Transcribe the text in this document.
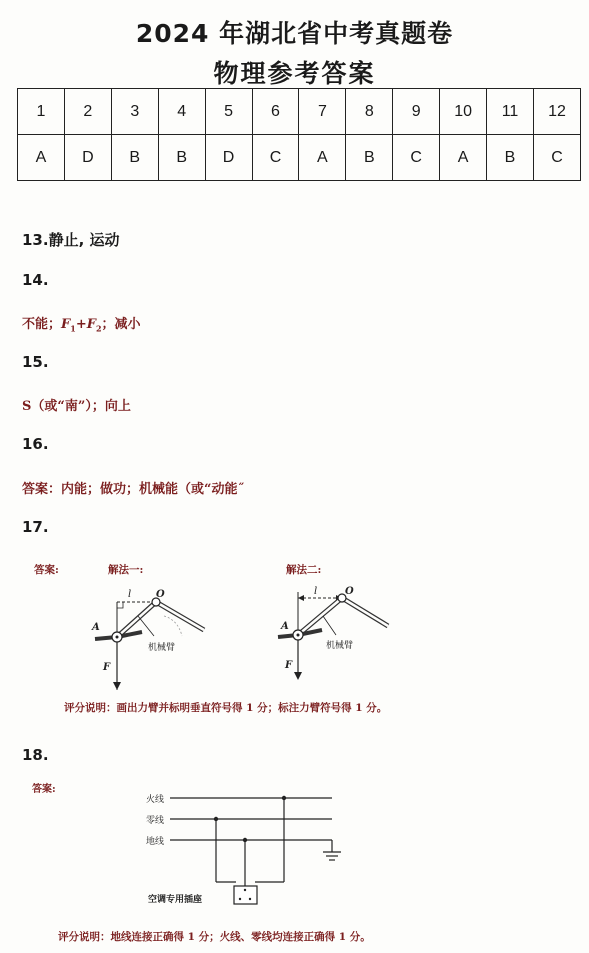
2024 年湖北省中考真题卷
物理参考答案
1	2	3	4	5	6	7	8	9	10	11	12
A	D	B	B	D	C	A	B	C	A	B	C
13.静止, 运动
14.
不能；$F_1+F_2$；减小
15.
S（或“南”）；向上
16.
答案：内能；做功；机械能（或“动能˝
17.
答案:	解法一:	解法二:
l O
A
F
机械臂
l	O
A
F
机械臂
评分说明：画出力臂并标明垂直符号得 1 分；标注力臂符号得 1 分。
18.
答案:
火线
零线
地线
空调专用插座
评分说明：地线连接正确得 1 分；火线、零线均连接正确得 1 分。
